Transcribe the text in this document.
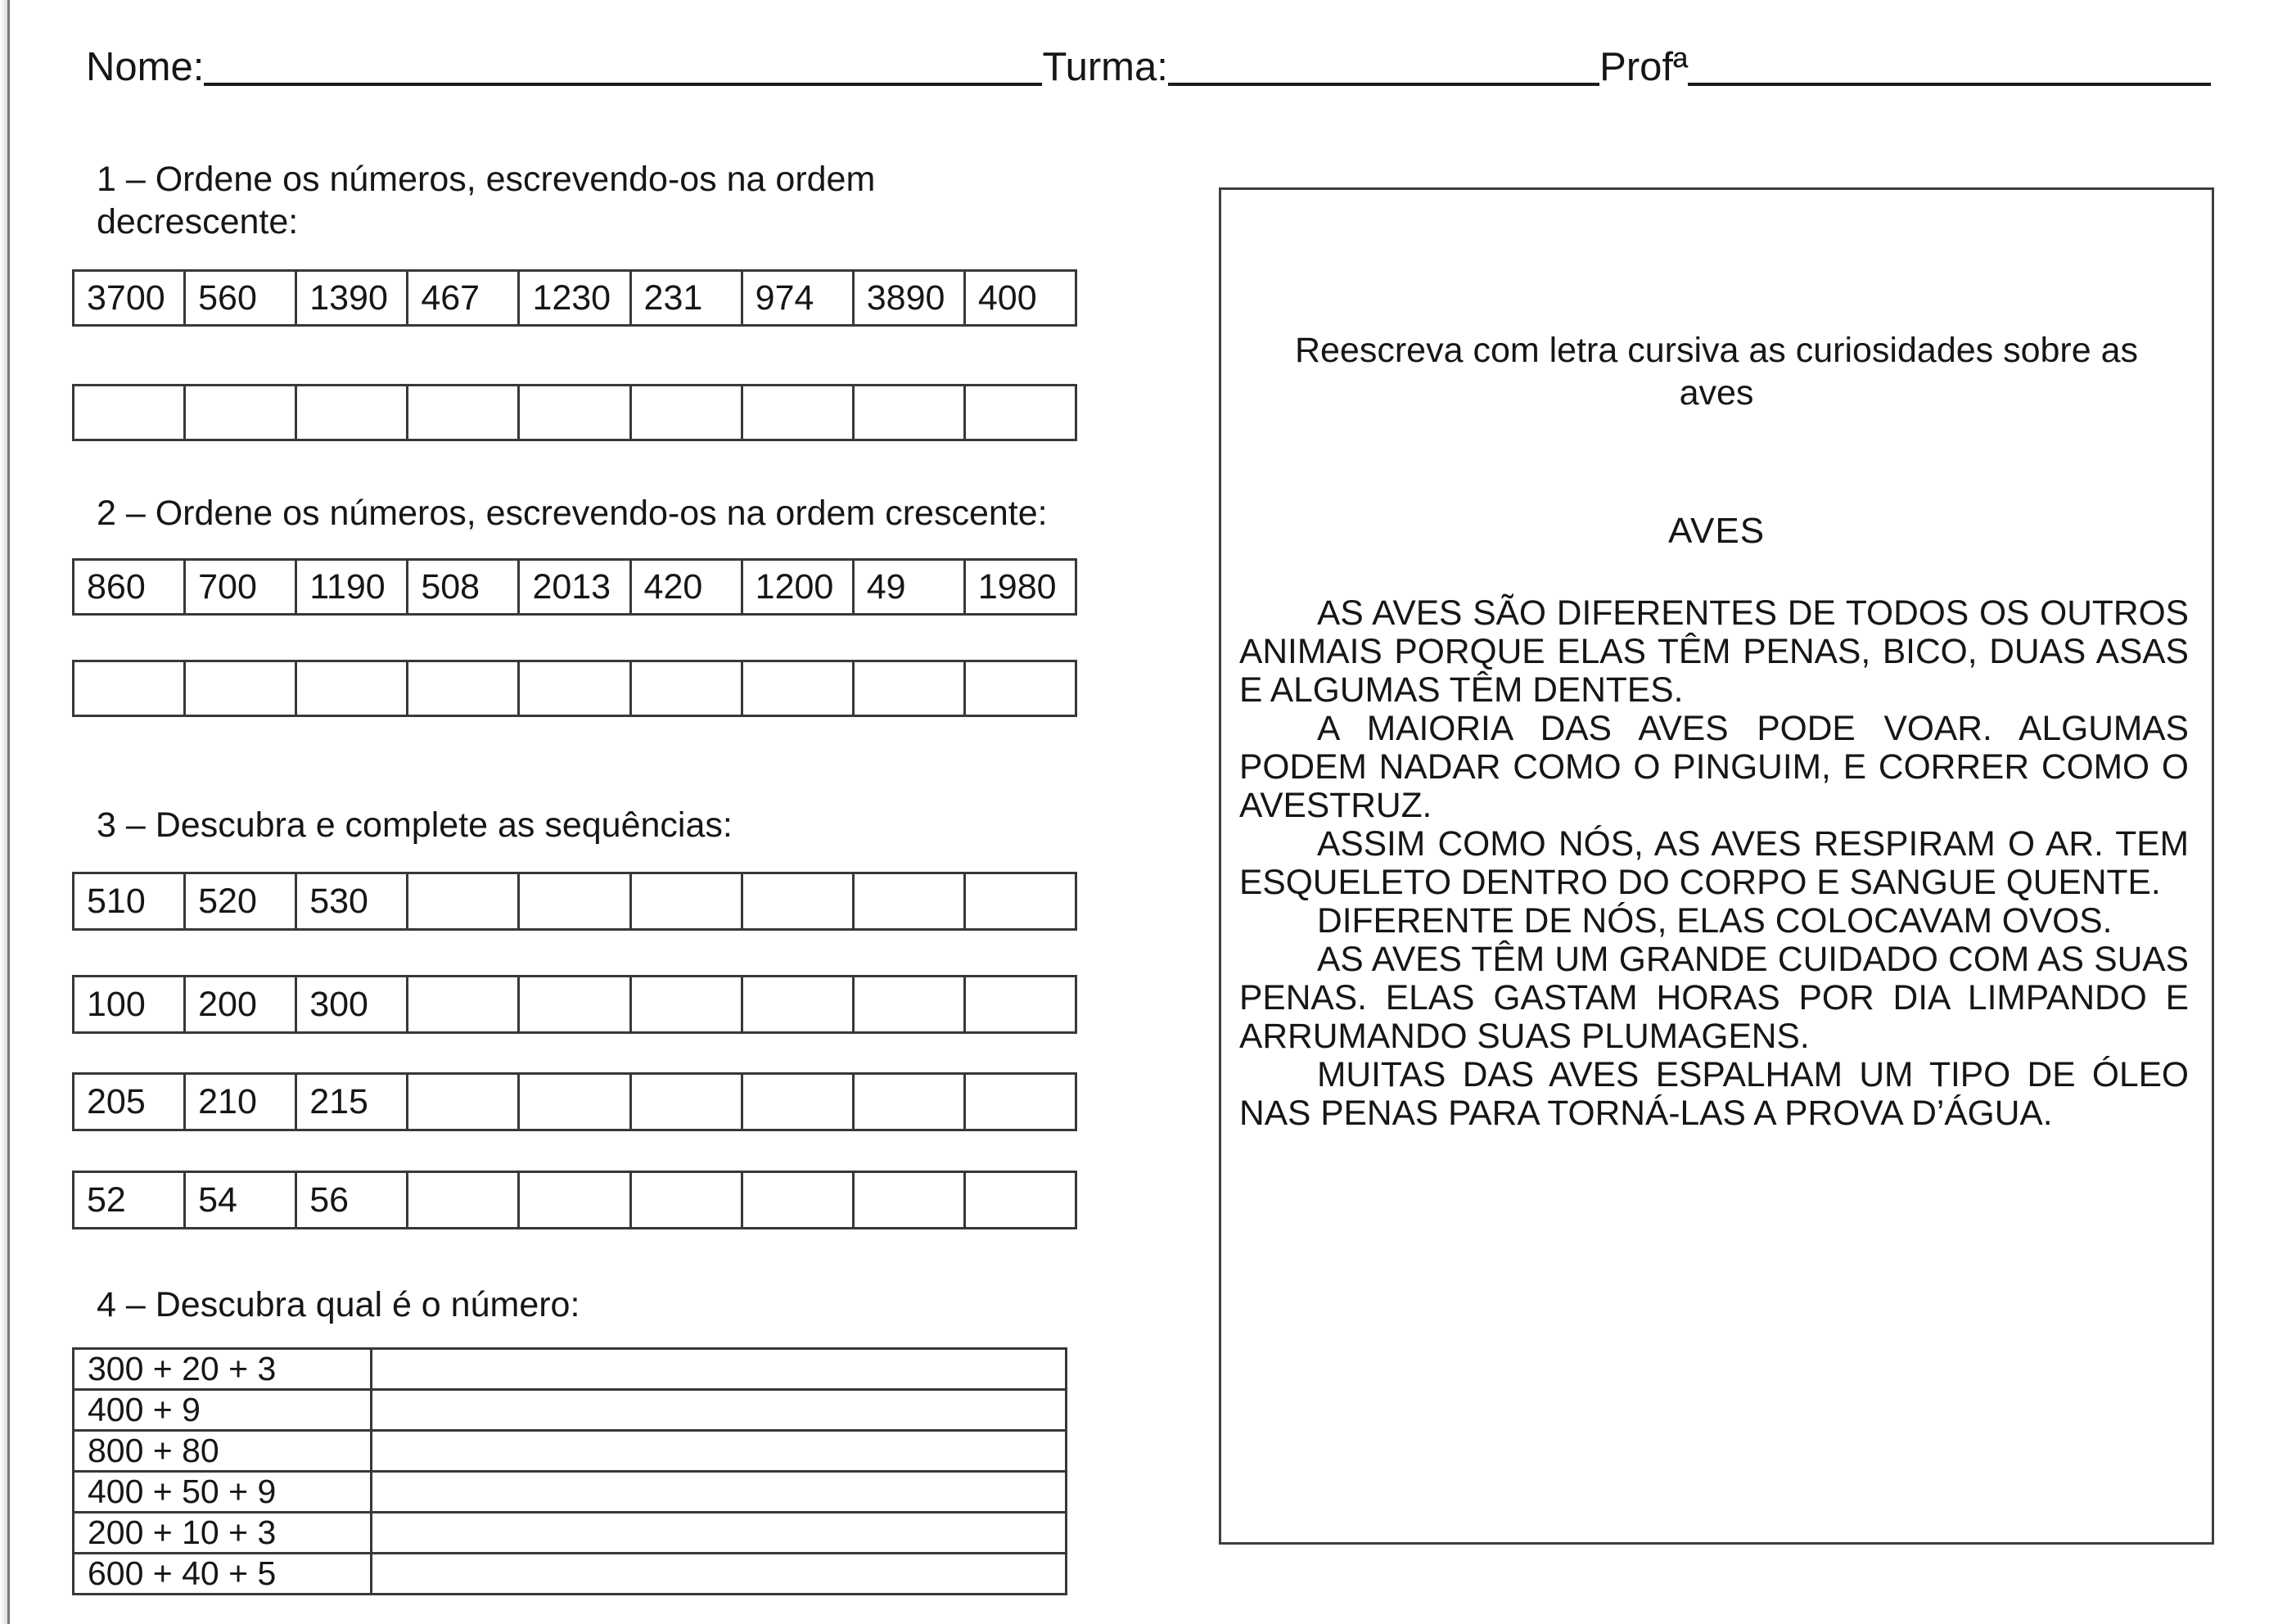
Nome:	Turma:	Profª

1 – Ordene os números, escrevendo-os na ordem decrescente:

3700	560	1390	467	1230	231	974	3890	400

2 – Ordene os números, escrevendo-os na ordem crescente:

860	700	1190	508	2013	420	1200	49	1980

3 – Descubra e complete as sequências:

510	520	530						
100	200	300						
205	210	215						
52	54	56						

4 – Descubra qual é o número:

300 + 20 + 3	
400 + 9	
800 + 80	
400 + 50 + 9	
200 + 10 + 3	
600 + 40 + 5	
Reescreva com letra cursiva as curiosidades sobre as aves
AVES

AS AVES SÃO DIFERENTES DE TODOS OS OUTROS ANIMAIS PORQUE ELAS TÊM PENAS, BICO, DUAS ASAS E ALGUMAS TÊM DENTES.

A MAIORIA DAS AVES PODE VOAR. ALGUMAS PODEM NADAR COMO O PINGUIM, E CORRER COMO O AVESTRUZ.

ASSIM COMO NÓS, AS AVES RESPIRAM O AR. TEM ESQUELETO DENTRO DO CORPO E SANGUE QUENTE.

DIFERENTE DE NÓS, ELAS COLOCAVAM OVOS.

AS AVES TÊM UM GRANDE CUIDADO COM AS SUAS PENAS. ELAS GASTAM HORAS POR DIA LIMPANDO E ARRUMANDO SUAS PLUMAGENS.

MUITAS DAS AVES ESPALHAM UM TIPO DE ÓLEO NAS PENAS PARA TORNÁ-LAS A PROVA D’ÁGUA.
